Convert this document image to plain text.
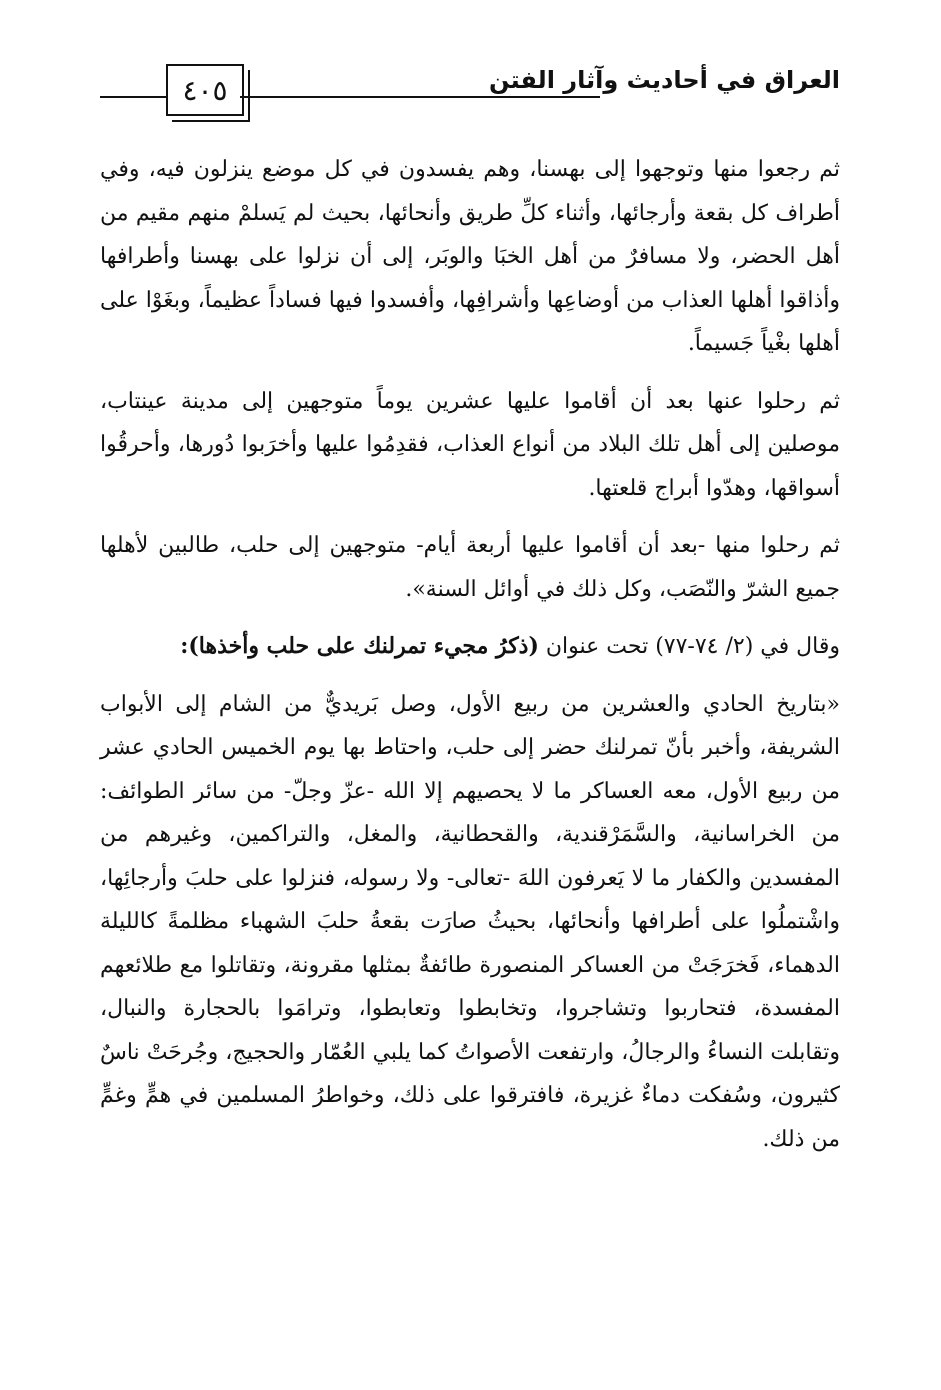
٤٠٥	العراق في أحاديث وآثار الفتن

ثم رجعوا منها وتوجهوا إلى بهسنا، وهم يفسدون في كل موضع ينزلون فيه، وفي أطراف كل بقعة وأرجائها، وأثناء كلِّ طريق وأنحائها، بحيث لم يَسلمْ منهم مقيم من أهل الحضر، ولا مسافرٌ من أهل الخبَا والوبَر، إلى أن نزلوا على بهسنا وأطرافها وأذاقوا أهلها العذاب من أوضاعِها وأشرافِها، وأفسدوا فيها فساداً عظيماً، وبغَوْا على أهلها بغْياً جَسيماً.

ثم رحلوا عنها بعد أن أقاموا عليها عشرين يوماً متوجهين إلى مدينة عينتاب، موصلين إلى أهل تلك البلاد من أنواع العذاب، فقدِمُوا عليها وأخرَبوا دُورها، وأحرقُوا أسواقها، وهدّوا أبراج قلعتها.

ثم رحلوا منها -بعد أن أقاموا عليها أربعة أيام- متوجهين إلى حلب، طالبين لأهلها جميع الشرّ والنّصَب، وكل ذلك في أوائل السنة».

وقال في (٢/ ٧٤-٧٧) تحت عنوان (ذكرُ مجيء تمرلنك على حلب وأخذها):

«بتاريخ الحادي والعشرين من ربيع الأول، وصل بَريديٌّ من الشام إلى الأبواب الشريفة، وأخبر بأنّ تمرلنك حضر إلى حلب، واحتاط بها يوم الخميس الحادي عشر من ربيع الأول، معه العساكر ما لا يحصيهم إلا الله -عزّ وجلّ- من سائر الطوائف: من الخراسانية، والسَّمَرْقندية، والقحطانية، والمغل، والتراكمين، وغيرهم من المفسدين والكفار ما لا يَعرفون اللهَ -تعالى- ولا رسوله، فنزلوا على حلبَ وأرجائِها، واشْتملُوا على أطرافها وأنحائها، بحيثُ صارَت بقعةُ حلبَ الشهباء مظلمةً كالليلة الدهماء، فَخرَجَتْ من العساكر المنصورة طائفةٌ بمثلها مقرونة، وتقاتلوا مع طلائعهم المفسدة، فتحاربوا وتشاجروا، وتخابطوا وتعابطوا، وترامَوا بالحجارة والنبال، وتقابلت النساءُ والرجالُ، وارتفعت الأصواتُ كما يلبي العُمّار والحجيج، وجُرحَتْ ناسٌ كثيرون، وسُفكت دماءٌ غزيرة، فافترقوا على ذلك، وخواطرُ المسلمين في همٍّ وغمٍّ من ذلك.
